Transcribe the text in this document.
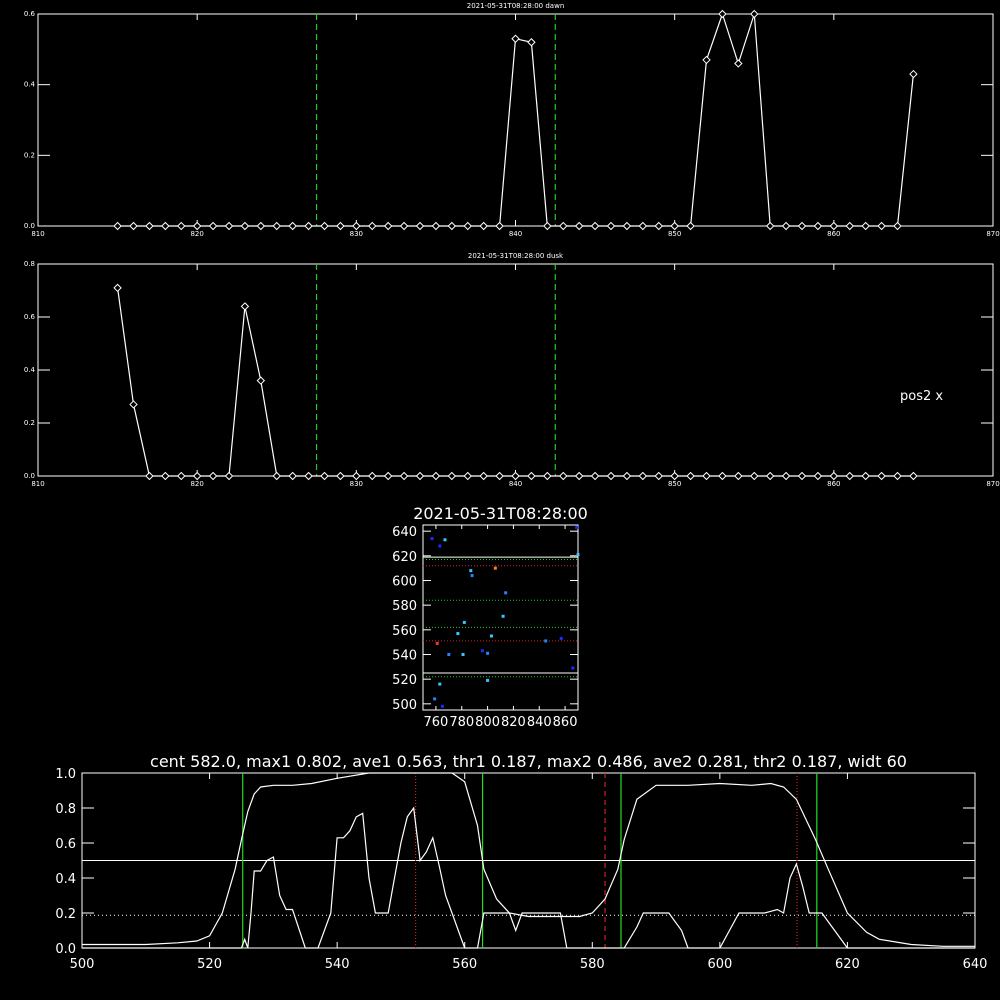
2021-05-31T08:28:00 dawn
810	820	830	840	850	860	870
0.0
0.2
0.4
0.6
2021-05-31T08:28:00 dusk
810	820	830	840	850	860	870
0.0
0.2
0.4
0.6
0.8
pos2 x
2021-05-31T08:28:00
760 780 800 820 840 860
500
520
540
560
580
600
620
640
cent 582.0, max1 0.802, ave1 0.563, thr1 0.187, max2 0.486, ave2 0.281, thr2 0.187, widt 60
500	520	540	560	580	600	620	640
0.0
0.2
0.4
0.6
0.8
1.0
